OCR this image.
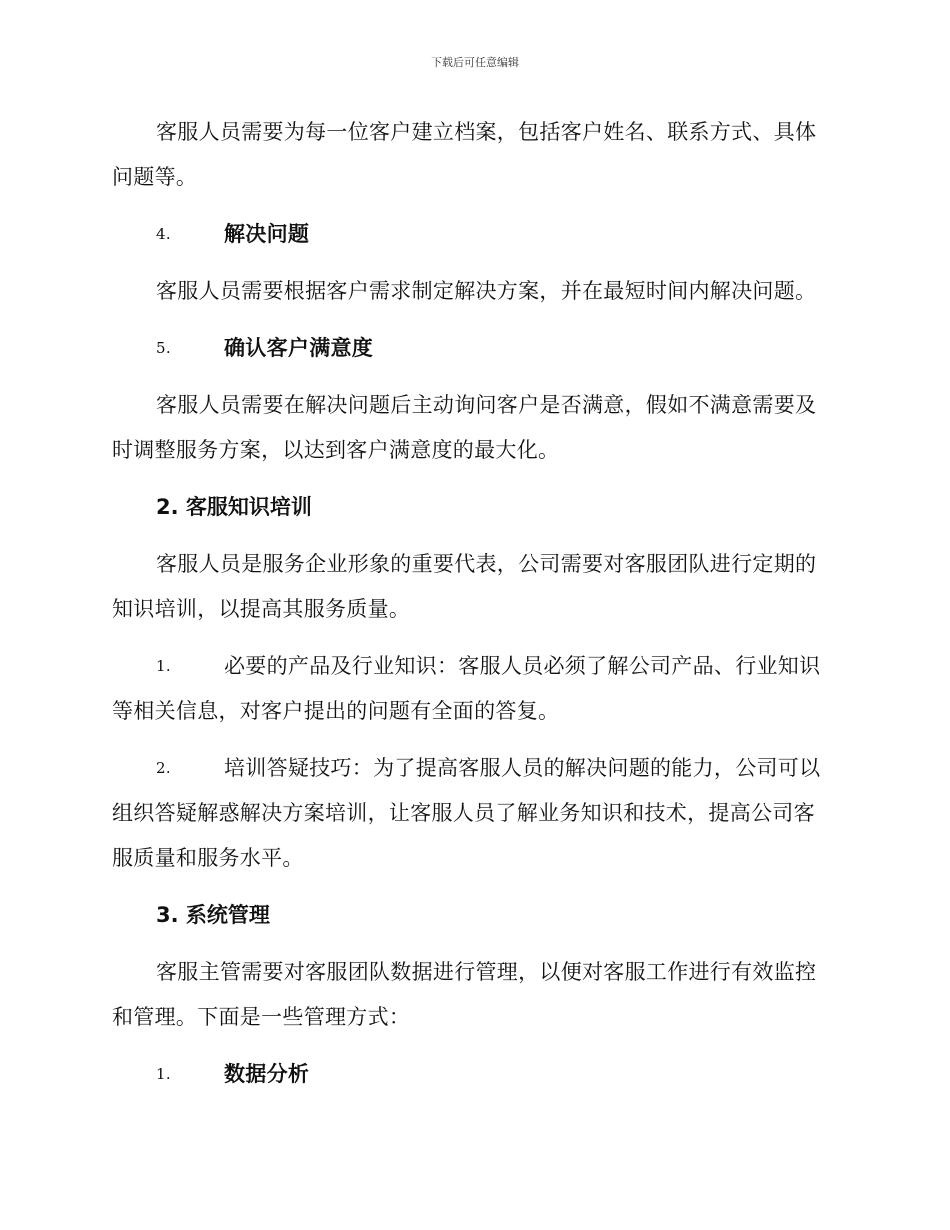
下载后可任意编辑

客服人员需要为每一位客户建立档案，包括客户姓名、联系方式、具体问题等。

4.	解决问题

客服人员需要根据客户需求制定解决方案，并在最短时间内解决问题。

5.	确认客户满意度

客服人员需要在解决问题后主动询问客户是否满意，假如不满意需要及时调整服务方案，以达到客户满意度的最大化。

2. 客服知识培训

客服人员是服务企业形象的重要代表，公司需要对客服团队进行定期的知识培训，以提高其服务质量。

1.	必要的产品及行业知识：客服人员必须了解公司产品、行业知识等相关信息，对客户提出的问题有全面的答复。
2.	培训答疑技巧：为了提高客服人员的解决问题的能力，公司可以组织答疑解惑解决方案培训，让客服人员了解业务知识和技术，提高公司客服质量和服务水平。
3. 系统管理

客服主管需要对客服团队数据进行管理，以便对客服工作进行有效监控和管理。下面是一些管理方式：

1.	数据分析
